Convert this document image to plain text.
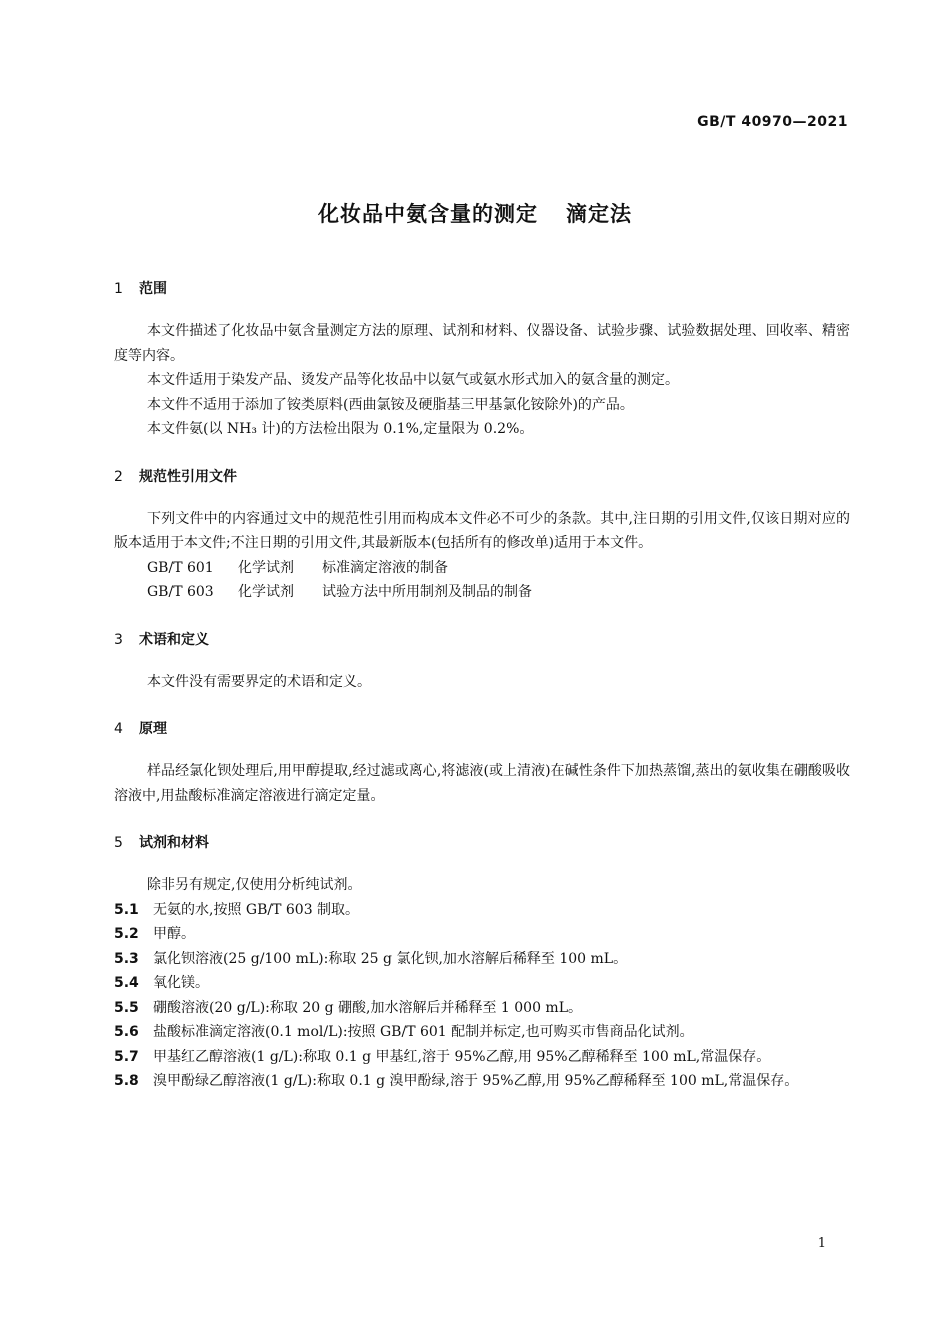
GB/T 40970—2021
化妆品中氨含量的测定 滴定法
1 范围

本文件描述了化妆品中氨含量测定方法的原理、试剂和材料、仪器设备、试验步骤、试验数据处理、回收率、精密度等内容。

本文件适用于染发产品、烫发产品等化妆品中以氨气或氨水形式加入的氨含量的测定。

本文件不适用于添加了铵类原料(西曲氯铵及硬脂基三甲基氯化铵除外)的产品。

本文件氨(以 NH₃ 计)的方法检出限为 0.1%,定量限为 0.2%。

2 规范性引用文件

下列文件中的内容通过文中的规范性引用而构成本文件必不可少的条款。其中,注日期的引用文件,仅该日期对应的版本适用于本文件;不注日期的引用文件,其最新版本(包括所有的修改单)适用于本文件。

GB/T 601 化学试剂 标准滴定溶液的制备
GB/T 603 化学试剂 试验方法中所用制剂及制品的制备
3 术语和定义

本文件没有需要界定的术语和定义。

4 原理

样品经氯化钡处理后,用甲醇提取,经过滤或离心,将滤液(或上清液)在碱性条件下加热蒸馏,蒸出的氨收集在硼酸吸收溶液中,用盐酸标准滴定溶液进行滴定定量。

5 试剂和材料

除非另有规定,仅使用分析纯试剂。

5.1 无氨的水,按照 GB/T 603 制取。

5.2 甲醇。

5.3 氯化钡溶液(25 g/100 mL):称取 25 g 氯化钡,加水溶解后稀释至 100 mL。

5.4 氧化镁。

5.5 硼酸溶液(20 g/L):称取 20 g 硼酸,加水溶解后并稀释至 1 000 mL。

5.6 盐酸标准滴定溶液(0.1 mol/L):按照 GB/T 601 配制并标定,也可购买市售商品化试剂。

5.7 甲基红乙醇溶液(1 g/L):称取 0.1 g 甲基红,溶于 95%乙醇,用 95%乙醇稀释至 100 mL,常温保存。

5.8 溴甲酚绿乙醇溶液(1 g/L):称取 0.1 g 溴甲酚绿,溶于 95%乙醇,用 95%乙醇稀释至 100 mL,常温保存。

1
